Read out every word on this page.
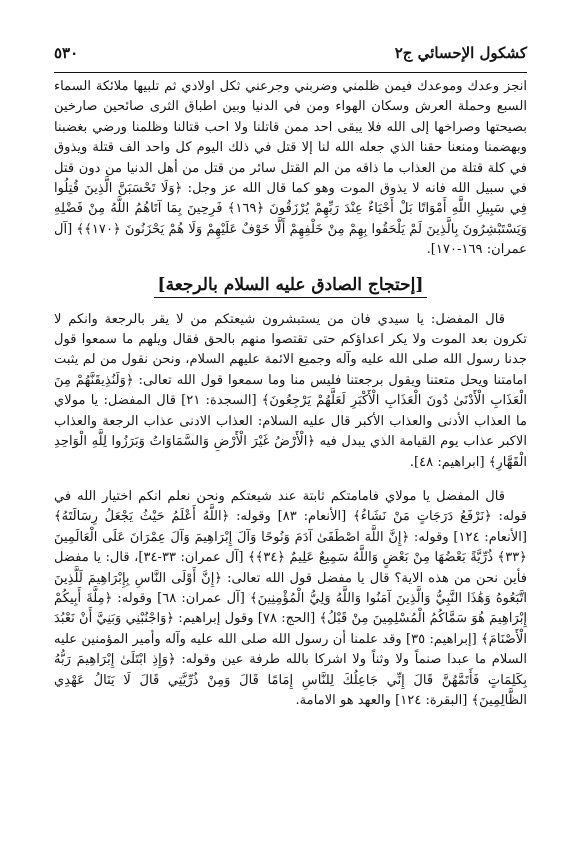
كشكول الإحسائي ج٢
٥٣٠

انجز وعدك وموعدك فيمن ظلمني وضربني وجرعني ثكل اولادي ثم تلبيها ملائكة السماء السبع وحملة العرش وسكان الهواء ومن في الدنيا وبين اطباق الثرى صائحين صارخين بصيحتها وصراخها إلى الله فلا يبقى احد ممن قاتلنا ولا احب قتالنا وظلمنا ورضي بغضبنا وبهضمنا ومنعنا حقنا الذي جعله الله لنا إلا قتل في ذلك اليوم كل واحد الف قتلة ويذوق في كلة قتلة من العذاب ما ذاقه من الم القتل سائر من قتل من أهل الدنيا من دون قتل في سبيل الله فانه لا يذوق الموت وهو كما قال الله عز وجل: ﴿وَلَا تَحْسَبَنَّ الَّذِينَ قُتِلُوا فِي سَبِيلِ اللَّهِ أَمْوَاتًا بَلْ أَحْيَاءٌ عِنْدَ رَبِّهِمْ يُرْزَقُونَ ﴿١٦٩﴾ فَرِحِينَ بِمَا آتَاهُمُ اللَّهُ مِنْ فَضْلِهِ وَيَسْتَبْشِرُونَ بِالَّذِينَ لَمْ يَلْحَقُوا بِهِمْ مِنْ خَلْفِهِمْ أَلَّا خَوْفٌ عَلَيْهِمْ وَلَا هُمْ يَحْزَنُونَ ﴿١٧٠﴾﴾ [آل عمران: ١٦٩-١٧٠].

[إحتجاج الصادق عليه السلام بالرجعة]

قال المفضل: يا سيدي فان من يستبشرون شيعتكم من لا يقر بالرجعة وانكم لا تكرون بعد الموت ولا يكر اعداؤكم حتى تقتصوا منهم بالحق فقال ويلهم ما سمعوا قول جدنا رسول الله صلى الله عليه وآله وجميع الائمة عليهم السلام، ونحن نقول من لم يثبت امامتنا ويحل متعتنا ويقول برجعتنا فليس منا وما سمعوا قول الله تعالى: ﴿وَلَنُذِيقَنَّهُمْ مِنَ الْعَذَابِ الْأَدْنَىٰ دُونَ الْعَذَابِ الْأَكْبَرِ لَعَلَّهُمْ يَرْجِعُونَ﴾ [السجدة: ٢١] قال المفضل: يا مولاي ما العذاب الأدنى والعذاب الأكبر قال عليه السلام: العذاب الادنى عذاب الرجعة والعذاب الاكبر عذاب يوم القيامة الذي يبدل فيه ﴿الْأَرْضُ غَيْرَ الْأَرْضِ وَالسَّمَاوَاتُ وَبَرَزُوا لِلَّهِ الْوَاحِدِ الْقَهَّارِ﴾ [ابراهيم: ٤٨].

قال المفضل يا مولاي فامامتكم ثابتة عند شيعتكم ونحن نعلم انكم اختيار الله في قوله: ﴿نَرْفَعُ دَرَجَاتٍ مَنْ نَشَاءُ﴾ [الأنعام: ٨٣] وقوله: ﴿اللَّهُ أَعْلَمُ حَيْثُ يَجْعَلُ رِسَالَتَهُ﴾ [الأنعام: ١٢٤] وقوله: ﴿إِنَّ اللَّهَ اصْطَفَىٰ آدَمَ وَنُوحًا وَآلَ إِبْرَاهِيمَ وَآلَ عِمْرَانَ عَلَى الْعَالَمِينَ ﴿٣٣﴾ ذُرِّيَّةً بَعْضُهَا مِنْ بَعْضٍ وَاللَّهُ سَمِيعٌ عَلِيمٌ ﴿٣٤﴾﴾ [آل عمران: ٣٣-٣٤]، قال: يا مفضل فأين نحن من هذه الاية؟ قال يا مفضل قول الله تعالى: ﴿إِنَّ أَوْلَى النَّاسِ بِإِبْرَاهِيمَ لَلَّذِينَ اتَّبَعُوهُ وَهَٰذَا النَّبِيُّ وَالَّذِينَ آمَنُوا وَاللَّهُ وَلِيُّ الْمُؤْمِنِينَ﴾ [آل عمران: ٦٨] وقوله: ﴿مِلَّةَ أَبِيكُمْ إِبْرَاهِيمَ هُوَ سَمَّاكُمُ الْمُسْلِمِينَ مِنْ قَبْلُ﴾ [الحج: ٧٨] وقول إبراهيم: ﴿وَاجْنُبْنِي وَبَنِيَّ أَنْ نَعْبُدَ الْأَصْنَامَ﴾ [إبراهيم: ٣٥] وقد علمنا أن رسول الله صلى الله عليه وآله وأمير المؤمنين عليه السلام ما عبدا صنماً ولا وثناً ولا اشركا بالله طرفة عين وقوله: ﴿وَإِذِ ابْتَلَىٰ إِبْرَاهِيمَ رَبُّهُ بِكَلِمَاتٍ فَأَتَمَّهُنَّ قَالَ إِنِّي جَاعِلُكَ لِلنَّاسِ إِمَامًا قَالَ وَمِنْ ذُرِّيَّتِي قَالَ لَا يَنَالُ عَهْدِي الظَّالِمِينَ﴾ [البقرة: ١٢٤] والعهد هو الامامة.
